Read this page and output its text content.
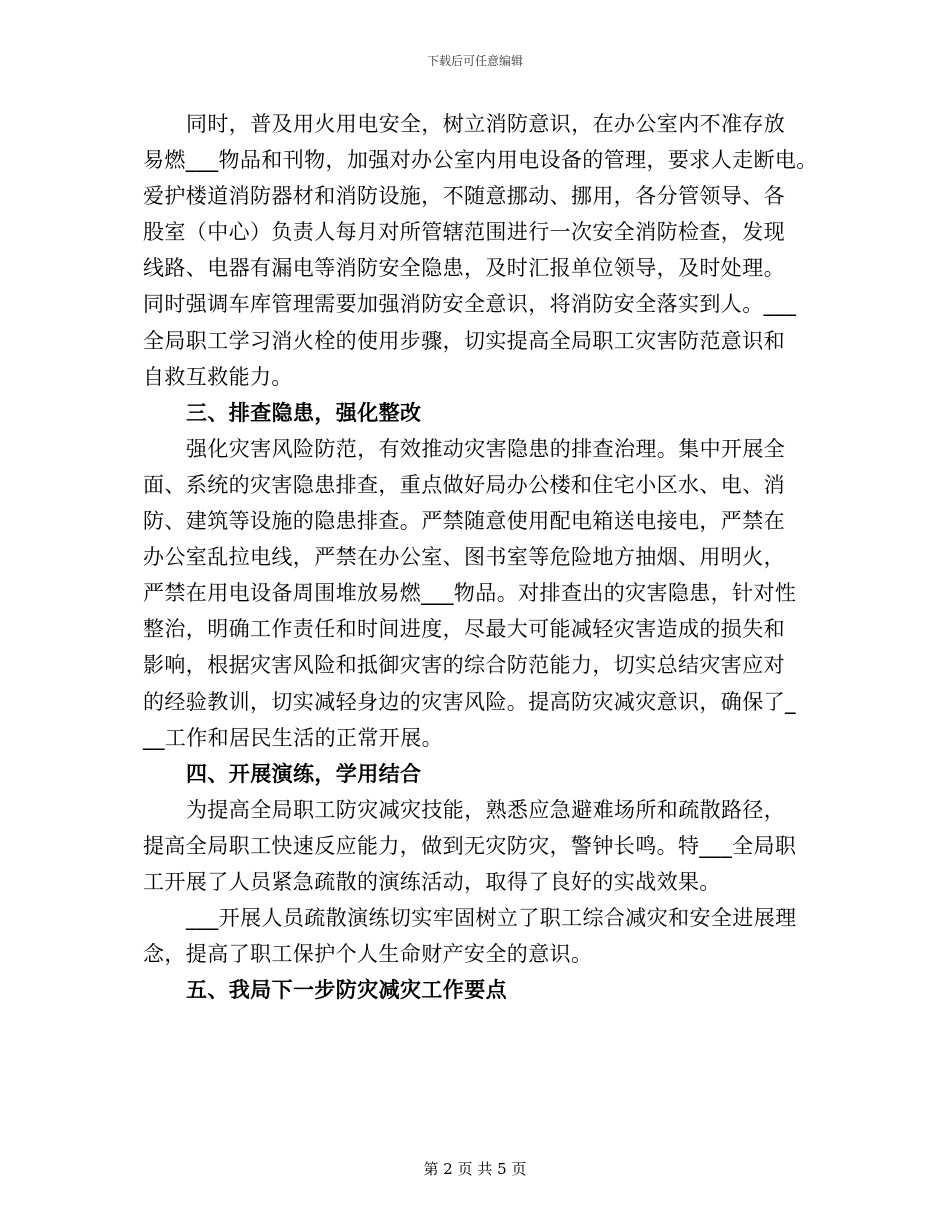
下载后可任意编辑
同时，普及用火用电安全，树立消防意识，在办公室内不准存放
易燃___物品和刊物，加强对办公室内用电设备的管理，要求人走断电。
爱护楼道消防器材和消防设施，不随意挪动、挪用，各分管领导、各
股室（中心）负责人每月对所管辖范围进行一次安全消防检查，发现
线路、电器有漏电等消防安全隐患，及时汇报单位领导，及时处理。
同时强调车库管理需要加强消防安全意识，将消防安全落实到人。___
全局职工学习消火栓的使用步骤，切实提高全局职工灾害防范意识和
自救互救能力。
三、排查隐患，强化整改
强化灾害风险防范，有效推动灾害隐患的排查治理。集中开展全
面、系统的灾害隐患排查，重点做好局办公楼和住宅小区水、电、消
防、建筑等设施的隐患排查。严禁随意使用配电箱送电接电，严禁在
办公室乱拉电线，严禁在办公室、图书室等危险地方抽烟、用明火，
严禁在用电设备周围堆放易燃___物品。对排查出的灾害隐患，针对性
整治，明确工作责任和时间进度，尽最大可能减轻灾害造成的损失和
影响，根据灾害风险和抵御灾害的综合防范能力，切实总结灾害应对
的经验教训，切实减轻身边的灾害风险。提高防灾减灾意识，确保了_
__工作和居民生活的正常开展。
四、开展演练，学用结合
为提高全局职工防灾减灾技能，熟悉应急避难场所和疏散路径，
提高全局职工快速反应能力，做到无灾防灾，警钟长鸣。特___全局职
工开展了人员紧急疏散的演练活动，取得了良好的实战效果。
___开展人员疏散演练切实牢固树立了职工综合减灾和安全进展理
念，提高了职工保护个人生命财产安全的意识。
五、我局下一步防灾减灾工作要点
第 2 页 共 5 页
